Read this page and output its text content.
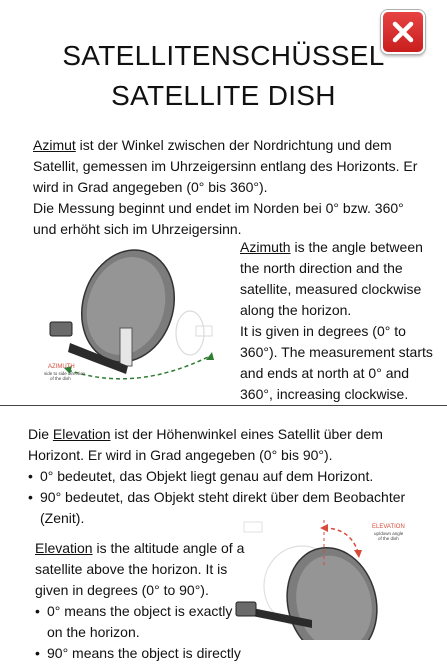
SATELLITENSCHÜSSEL
SATELLITE DISH

Azimut ist der Winkel zwischen der Nordrichtung und dem Satellit, gemessen im Uhrzeigersinn entlang des Horizonts. Er wird in Grad angegeben (0° bis 360°).
Die Messung beginnt und endet im Norden bei 0° bzw. 360° und erhöht sich im Uhrzeigersinn.

AZIMUTH
side to side direction
of the dish

Azimuth is the angle between the north direction and the satellite, measured clockwise along the horizon.
It is given in degrees (0° to 360°). The measurement starts and ends at north at 0° and 360°, increasing clockwise.

Die Elevation ist der Höhenwinkel eines Satellit über dem Horizont. Er wird in Grad angegeben (0° bis 90°).
• 0° bedeutet, das Objekt liegt genau auf dem Horizont.
• 90° bedeutet, das Objekt steht direkt über dem Beobachter (Zenit).
ELEVATION
up/down angle
of the dish
Elevation is the altitude angle of a satellite above the horizon. It is given in degrees (0° to 90°).
• 0° means the object is exactly on the horizon.
• 90° means the object is directly
